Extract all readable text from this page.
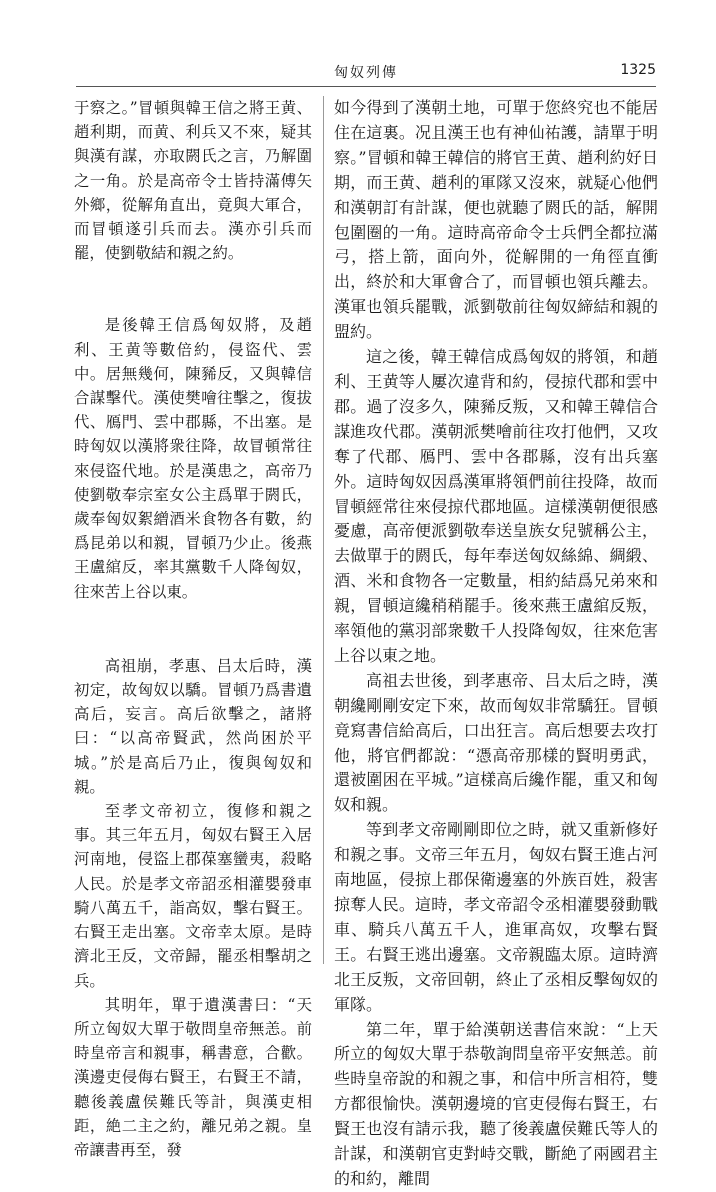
匈奴列傳	1325

于察之。”冒頓與韓王信之將王黄、趙利期，而黄、利兵又不來，疑其與漢有謀，亦取閼氏之言，乃解圍之一角。於是高帝令士皆持滿傅矢外鄉，從解角直出，竟與大軍合，而冒頓遂引兵而去。漢亦引兵而罷，使劉敬結和親之約。

是後韓王信爲匈奴將，及趙利、王黄等數倍約，侵盜代、雲中。居無幾何，陳豨反，又與韓信合謀擊代。漢使樊噲往擊之，復拔代、鴈門、雲中郡縣，不出塞。是時匈奴以漢將衆往降，故冒頓常往來侵盜代地。於是漢患之，高帝乃使劉敬奉宗室女公主爲單于閼氏，歲奉匈奴絮繒酒米食物各有數，約爲昆弟以和親，冒頓乃少止。後燕王盧綰反，率其黨數千人降匈奴，往來苦上谷以東。

高祖崩，孝惠、吕太后時，漢初定，故匈奴以驕。冒頓乃爲書遺高后，妄言。高后欲擊之，諸將曰：“以高帝賢武，然尚困於平城。”於是高后乃止，復與匈奴和親。

至孝文帝初立，復修和親之事。其三年五月，匈奴右賢王入居河南地，侵盜上郡葆塞蠻夷，殺略人民。於是孝文帝詔丞相灌嬰發車騎八萬五千，詣高奴，擊右賢王。右賢王走出塞。文帝幸太原。是時濟北王反，文帝歸，罷丞相擊胡之兵。

其明年，單于遺漢書曰：“天所立匈奴大單于敬問皇帝無恙。前時皇帝言和親事，稱書意，合歡。漢邊吏侵侮右賢王，右賢王不請，聽後義盧侯難氏等計，與漢吏相距，絶二主之約，離兄弟之親。皇帝讓書再至，發

如今得到了漢朝土地，可單于您終究也不能居住在這裏。况且漢王也有神仙祐護，請單于明察。”冒頓和韓王韓信的將官王黄、趙利約好日期，而王黄、趙利的軍隊又沒來，就疑心他們和漢朝訂有計謀，便也就聽了閼氏的話，解開包圍圈的一角。這時高帝命令士兵們全都拉滿弓，搭上箭，面向外，從解開的一角徑直衝出，終於和大軍會合了，而冒頓也領兵離去。漢軍也領兵罷戰，派劉敬前往匈奴締結和親的盟約。

這之後，韓王韓信成爲匈奴的將領，和趙利、王黄等人屢次違背和約，侵掠代郡和雲中郡。過了沒多久，陳豨反叛，又和韓王韓信合謀進攻代郡。漢朝派樊噲前往攻打他們，又攻奪了代郡、鴈門、雲中各郡縣，沒有出兵塞外。這時匈奴因爲漢軍將領們前往投降，故而冒頓經常往來侵掠代郡地區。這樣漢朝便很感憂慮，高帝便派劉敬奉送皇族女兒號稱公主，去做單于的閼氏，每年奉送匈奴絲綿、綢緞、酒、米和食物各一定數量，相約結爲兄弟來和親，冒頓這纔稍稍罷手。後來燕王盧綰反叛，率領他的黨羽部衆數千人投降匈奴，往來危害上谷以東之地。

高祖去世後，到孝惠帝、吕太后之時，漢朝纔剛剛安定下來，故而匈奴非常驕狂。冒頓竟寫書信給高后，口出狂言。高后想要去攻打他，將官們都說：“憑高帝那樣的賢明勇武，還被圍困在平城。”這樣高后纔作罷，重又和匈奴和親。

等到孝文帝剛剛即位之時，就又重新修好和親之事。文帝三年五月，匈奴右賢王進占河南地區，侵掠上郡保衛邊塞的外族百姓，殺害掠奪人民。這時，孝文帝詔令丞相灌嬰發動戰車、騎兵八萬五千人，進軍高奴，攻擊右賢王。右賢王逃出邊塞。文帝親臨太原。這時濟北王反叛，文帝回朝，終止了丞相反擊匈奴的軍隊。

第二年，單于給漢朝送書信來說：“上天所立的匈奴大單于恭敬詢問皇帝平安無恙。前些時皇帝說的和親之事，和信中所言相符，雙方都很愉快。漢朝邊境的官吏侵侮右賢王，右賢王也沒有請示我，聽了後義盧侯難氏等人的計謀，和漢朝官吏對峙交戰，斷絶了兩國君主的和約，離間
